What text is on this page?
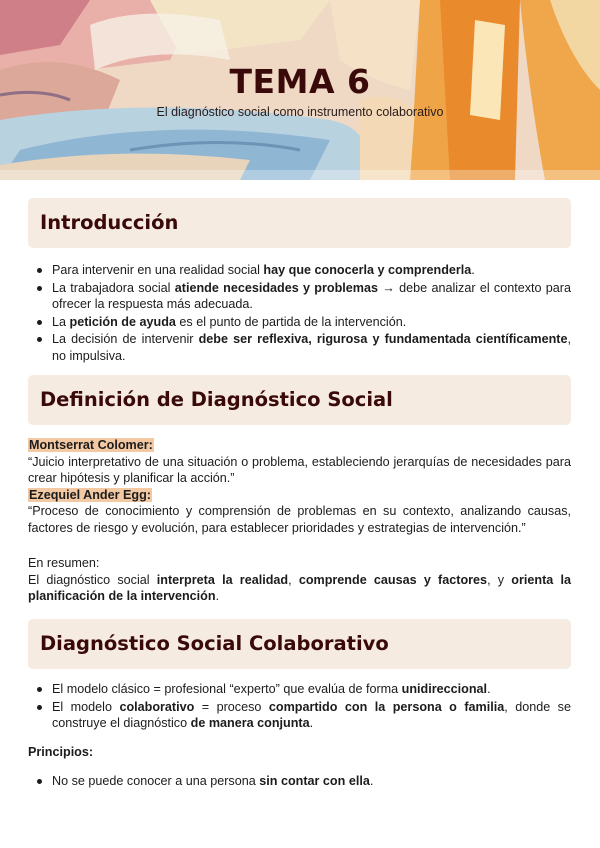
TEMA 6
El diagnóstico social como instrumento colaborativo
Introducción
Para intervenir en una realidad social hay que conocerla y comprenderla.
La trabajadora social atiende necesidades y problemas → debe analizar el contexto para ofrecer la respuesta más adecuada.
La petición de ayuda es el punto de partida de la intervención.
La decisión de intervenir debe ser reflexiva, rigurosa y fundamentada científicamente, no impulsiva.
Definición de Diagnóstico Social
Montserrat Colomer:
“Juicio interpretativo de una situación o problema, estableciendo jerarquías de necesidades para crear hipótesis y planificar la acción.”
Ezequiel Ander Egg:
“Proceso de conocimiento y comprensión de problemas en su contexto, analizando causas, factores de riesgo y evolución, para establecer prioridades y estrategias de intervención.”
En resumen:
El diagnóstico social interpreta la realidad, comprende causas y factores, y orienta la planificación de la intervención.
Diagnóstico Social Colaborativo
El modelo clásico = profesional “experto” que evalúa de forma unidireccional.
El modelo colaborativo = proceso compartido con la persona o familia, donde se construye el diagnóstico de manera conjunta.
Principios:
No se puede conocer a una persona sin contar con ella.
